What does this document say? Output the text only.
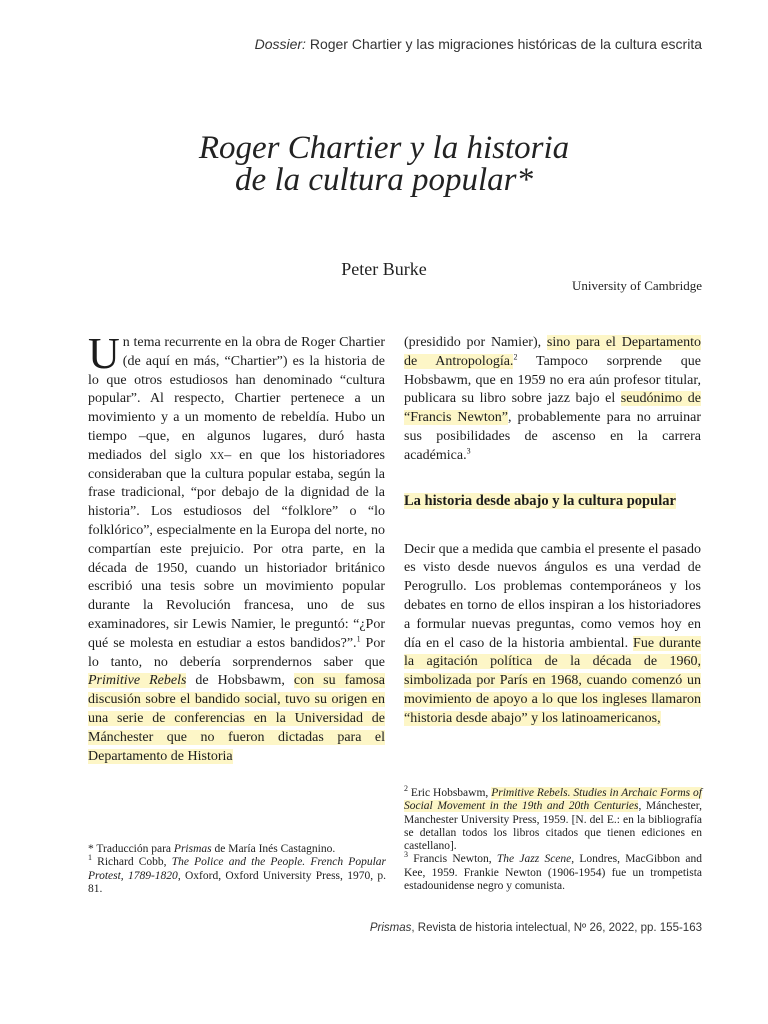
Dossier: Roger Chartier y las migraciones históricas de la cultura escrita
Roger Chartier y la historia
de la cultura popular*
Peter Burke
University of Cambridge

Un tema recurrente en la obra de Roger Chartier (de aquí en más, “Chartier”) es la historia de lo que otros estudiosos han denominado “cultura popular”. Al respecto, Chartier pertenece a un movimiento y a un momento de rebeldía. Hubo un tiempo –que, en algunos lugares, duró hasta mediados del siglo xx– en que los historiadores consideraban que la cultura popular estaba, según la frase tradicional, “por debajo de la dignidad de la historia”. Los estudiosos del “folklore” o “lo folklórico”, especialmente en la Europa del norte, no compartían este prejuicio. Por otra parte, en la década de 1950, cuando un historiador británico escribió una tesis sobre un movimiento popular durante la Revolución francesa, uno de sus examinadores, sir Lewis Namier, le preguntó: “¿Por qué se molesta en estudiar a estos bandidos?”.$^1$ Por lo tanto, no debería sorprendernos saber que Primitive Rebels de Hobsbawm, con su famosa discusión sobre el bandido social, tuvo su origen en una serie de conferencias en la Universidad de Mánchester que no fueron dictadas para el Departamento de Historia

(presidido por Namier), sino para el Departamento de Antropología.$^2$ Tampoco sorprende que Hobsbawm, que en 1959 no era aún profesor titular, publicara su libro sobre jazz bajo el seudónimo de “Francis Newton”, probablemente para no arruinar sus posibilidades de ascenso en la carrera académica.$^3$

La historia desde abajo y la cultura popular

Decir que a medida que cambia el presente el pasado es visto desde nuevos ángulos es una verdad de Perogrullo. Los problemas contemporáneos y los debates en torno de ellos inspiran a los historiadores a formular nuevas preguntas, como vemos hoy en día en el caso de la historia ambiental. Fue durante la agitación política de la década de 1960, simbolizada por París en 1968, cuando comenzó un movimiento de apoyo a lo que los ingleses llamaron “historia desde abajo” y los latinoamericanos,

* Traducción para Prismas de María Inés Castagnino.

$^1$ Richard Cobb, The Police and the People. French Popular Protest, 1789-1820, Oxford, Oxford University Press, 1970, p. 81.

$^2$ Eric Hobsbawm, Primitive Rebels. Studies in Archaic Forms of Social Movement in the 19th and 20th Centuries, Mánchester, Manchester University Press, 1959. [N. del E.: en la bibliografía se detallan todos los libros citados que tienen ediciones en castellano].

$^3$ Francis Newton, The Jazz Scene, Londres, MacGibbon and Kee, 1959. Frankie Newton (1906-1954) fue un trompetista estadounidense negro y comunista.

Prismas, Revista de historia intelectual, Nº 26, 2022, pp. 155-163
